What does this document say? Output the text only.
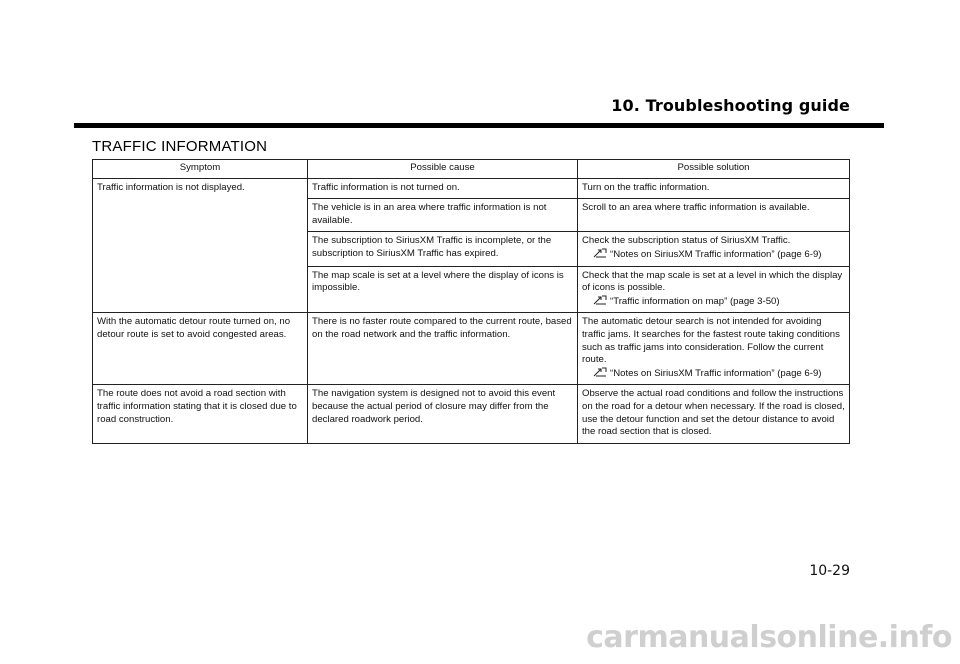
10. Troubleshooting guide
TRAFFIC INFORMATION
Symptom	Possible cause	Possible solution
Traffic information is not displayed.	Traffic information is not turned on.	Turn on the traffic information.
	The vehicle is in an area where traffic information is not available.	Scroll to an area where traffic information is available.
	The subscription to SiriusXM Traffic is incomplete, or the subscription to SiriusXM Traffic has expired.	Check the subscription status of SiriusXM Traffic.
“Notes on SiriusXM Traffic information” (page 6-9)

	The map scale is set at a level where the display of icons is impossible.	Check that the map scale is set at a level in which the display of icons is possible.
“Traffic information on map” (page 3-50)

With the automatic detour route turned on, no detour route is set to avoid congested areas.	There is no faster route compared to the current route, based on the road network and the traffic information.	The automatic detour search is not intended for avoiding traffic jams. It searches for the fastest route taking conditions such as traffic jams into consideration. Follow the current route.
“Notes on SiriusXM Traffic information” (page 6-9)

The route does not avoid a road section with traffic information stating that it is closed due to road construction.	The navigation system is designed not to avoid this event because the actual period of closure may differ from the declared roadwork period.	Observe the actual road conditions and follow the instructions on the road for a detour when necessary. If the road is closed, use the detour function and set the detour distance to avoid the road section that is closed.
10-29
carmanualsonline.info
